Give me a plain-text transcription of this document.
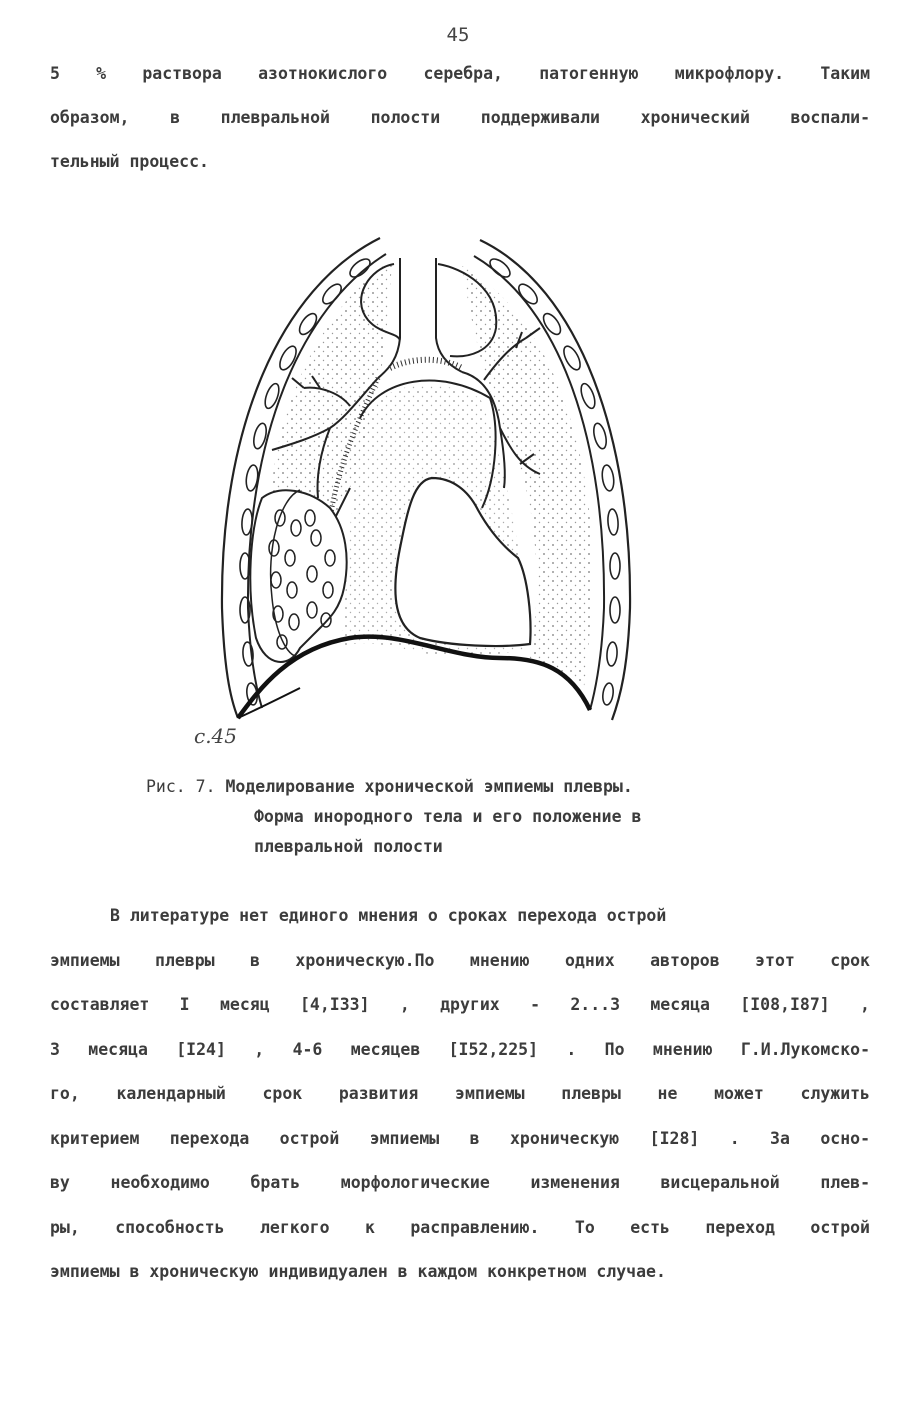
45
5 % раствора азотнокислого серебра, патогенную микрофлору. Таким
образом, в плевральной полости поддерживали хронический воспали-
тельный процесс.
с.45
Рис. 7. Моделирование хронической эмпиемы плевры.
Форма инородного тела и его положение в
плевральной полости
В литературе нет единого мнения о сроках перехода острой
эмпиемы плевры в хроническую.По мнению одних авторов этот срок
составляет I месяц [4,I33] , других - 2...3 месяца [I08,I87] ,
3 месяца [I24] , 4-6 месяцев [I52,225] . По мнению Г.И.Лукомско-
го, календарный срок развития эмпиемы плевры не может служить
критерием перехода острой эмпиемы в хроническую [I28] . За осно-
ву необходимо брать морфологические изменения висцеральной плев-
ры, способность легкого к расправлению. То есть переход острой
эмпиемы в хроническую индивидуален в каждом конкретном случае.
